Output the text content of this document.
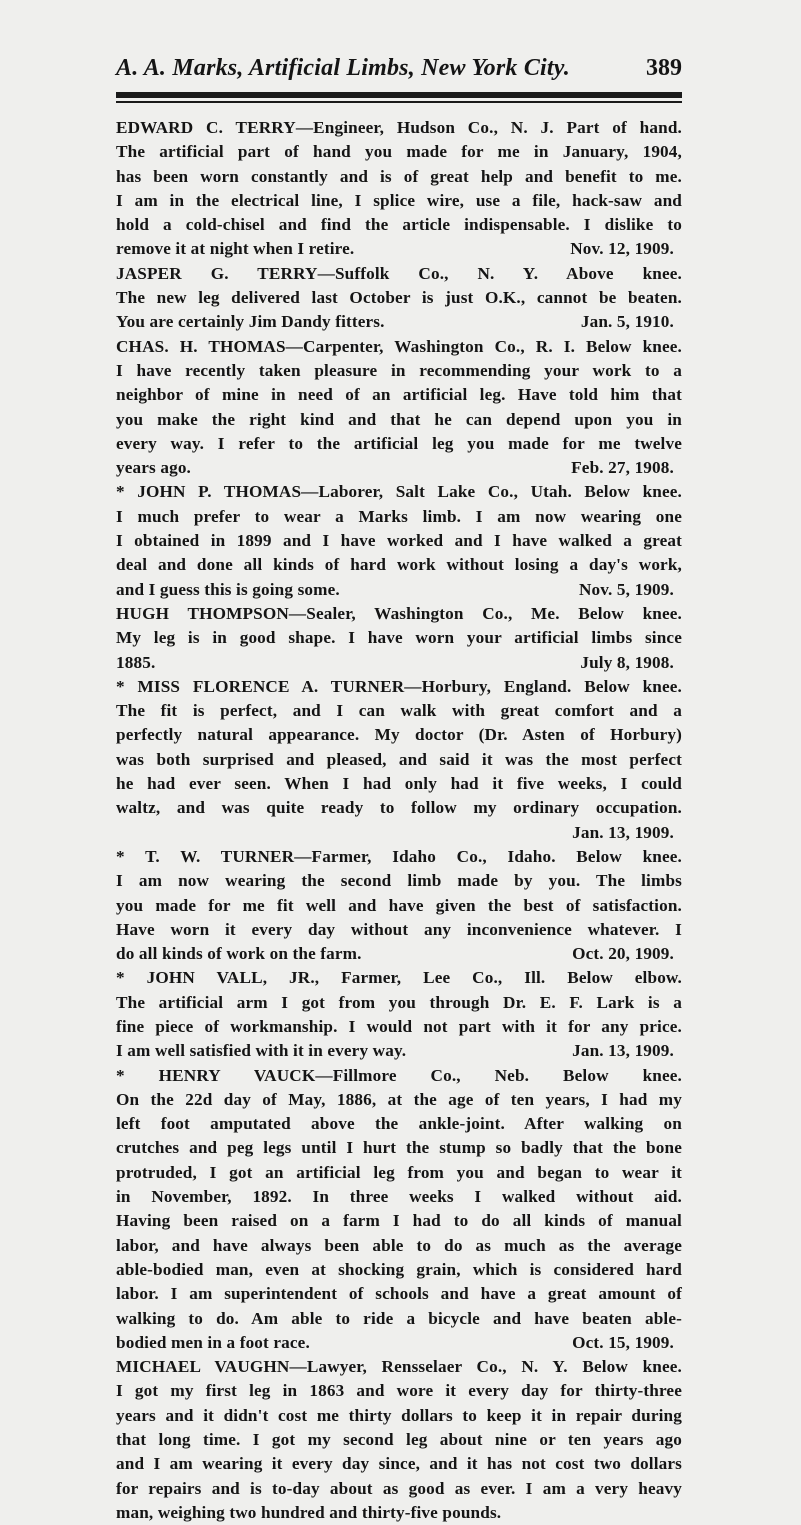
A. A. Marks, Artificial Limbs, New York City.	389
EDWARD C. TERRY—Engineer, Hudson Co., N. J. Part of hand.
The artificial part of hand you made for me in January, 1904,
has been worn constantly and is of great help and benefit to me.
I am in the electrical line, I splice wire, use a file, hack-saw and
hold a cold-chisel and find the article indispensable. I dislike to
remove it at night when I retire.	Nov. 12, 1909.
JASPER G. TERRY—Suffolk Co., N. Y. Above knee.
The new leg delivered last October is just O.K., cannot be beaten.
You are certainly Jim Dandy fitters.	Jan. 5, 1910.
CHAS. H. THOMAS—Carpenter, Washington Co., R. I. Below knee.
I have recently taken pleasure in recommending your work to a
neighbor of mine in need of an artificial leg. Have told him that
you make the right kind and that he can depend upon you in
every way. I refer to the artificial leg you made for me twelve
years ago.	Feb. 27, 1908.
* JOHN P. THOMAS—Laborer, Salt Lake Co., Utah. Below knee.
I much prefer to wear a Marks limb. I am now wearing one
I obtained in 1899 and I have worked and I have walked a great
deal and done all kinds of hard work without losing a day's work,
and I guess this is going some.	Nov. 5, 1909.
HUGH THOMPSON—Sealer, Washington Co., Me. Below knee.
My leg is in good shape. I have worn your artificial limbs since
1885.	July 8, 1908.
* MISS FLORENCE A. TURNER—Horbury, England. Below knee.
The fit is perfect, and I can walk with great comfort and a
perfectly natural appearance. My doctor (Dr. Asten of Horbury)
was both surprised and pleased, and said it was the most perfect
he had ever seen. When I had only had it five weeks, I could
waltz, and was quite ready to follow my ordinary occupation.
Jan. 13, 1909.
* T. W. TURNER—Farmer, Idaho Co., Idaho. Below knee.
I am now wearing the second limb made by you. The limbs
you made for me fit well and have given the best of satisfaction.
Have worn it every day without any inconvenience whatever. I
do all kinds of work on the farm.	Oct. 20, 1909.
* JOHN VALL, JR., Farmer, Lee Co., Ill. Below elbow.
The artificial arm I got from you through Dr. E. F. Lark is a
fine piece of workmanship. I would not part with it for any price.
I am well satisfied with it in every way.	Jan. 13, 1909.
* HENRY VAUCK—Fillmore Co., Neb. Below knee.
On the 22d day of May, 1886, at the age of ten years, I had my
left foot amputated above the ankle-joint. After walking on
crutches and peg legs until I hurt the stump so badly that the bone
protruded, I got an artificial leg from you and began to wear it
in November, 1892. In three weeks I walked without aid.
Having been raised on a farm I had to do all kinds of manual
labor, and have always been able to do as much as the average
able-bodied man, even at shocking grain, which is considered hard
labor. I am superintendent of schools and have a great amount of
walking to do. Am able to ride a bicycle and have beaten able-
bodied men in a foot race.	Oct. 15, 1909.
MICHAEL VAUGHN—Lawyer, Rensselaer Co., N. Y. Below knee.
I got my first leg in 1863 and wore it every day for thirty-three
years and it didn't cost me thirty dollars to keep it in repair during
that long time. I got my second leg about nine or ten years ago
and I am wearing it every day since, and it has not cost two dollars
for repairs and is to-day about as good as ever. I am a very heavy
man, weighing two hundred and thirty-five pounds.
